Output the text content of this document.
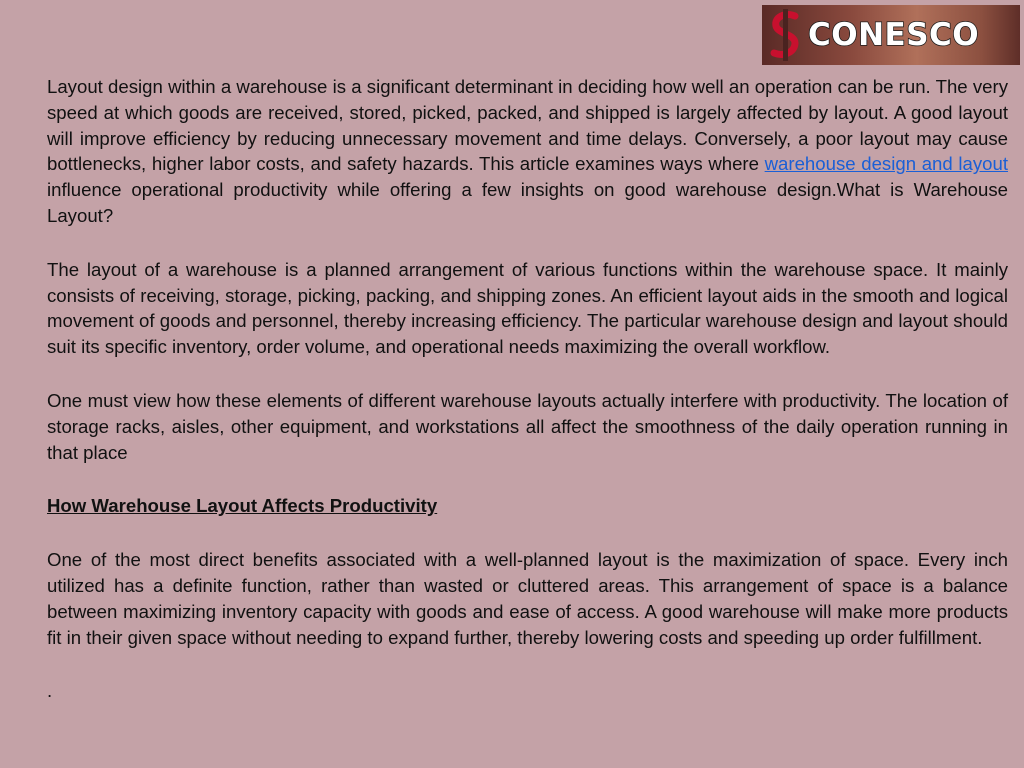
CONESCO

Layout design within a warehouse is a significant determinant in deciding how well an operation can be run. The very speed at which goods are received, stored, picked, packed, and shipped is largely affected by layout. A good layout will improve efficiency by reducing unnecessary movement and time delays. Conversely, a poor layout may cause bottlenecks, higher labor costs, and safety hazards. This article examines ways where warehouse design and layout influence operational productivity while offering a few insights on good warehouse design.What is Warehouse Layout?

The layout of a warehouse is a planned arrangement of various functions within the warehouse space. It mainly consists of receiving, storage, picking, packing, and shipping zones. An efficient layout aids in the smooth and logical movement of goods and personnel, thereby increasing efficiency. The particular warehouse design and layout should suit its specific inventory, order volume, and operational needs maximizing the overall workflow.

One must view how these elements of different warehouse layouts actually interfere with productivity. The location of storage racks, aisles, other equipment, and workstations all affect the smoothness of the daily operation running in that place

How Warehouse Layout Affects Productivity

One of the most direct benefits associated with a well-planned layout is the maximization of space. Every inch utilized has a definite function, rather than wasted or cluttered areas. This arrangement of space is a balance between maximizing inventory capacity with goods and ease of access. A good warehouse will make more products fit in their given space without needing to expand further, thereby lowering costs and speeding up order fulfillment.

.
